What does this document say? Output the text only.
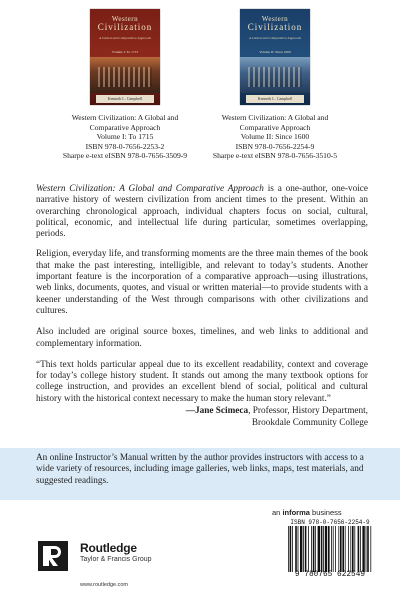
Western
Civilization
A Global and Comparative Approach
Volume I: To 1715
Kenneth L. Campbell
Western Civilization: A Global and
Comparative Approach
Volume I: To 1715
ISBN 978-0-7656-2253-2
Sharpe e-text eISBN 978-0-7656-3509-9
Western
Civilization
A Global and Comparative Approach
Volume II: Since 1600
Kenneth L. Campbell
Western Civilization: A Global and
Comparative Approach
Volume II: Since 1600
ISBN 978-0-7656-2254-9
Sharpe e-text eISBN 978-0-7656-3510-5

Western Civilization: A Global and Comparative Approach is a one-author, one-voice narrative history of western civilization from ancient times to the present. Within an overarching chronological approach, individual chapters focus on social, cultural, political, economic, and intellectual life during particular, sometimes overlapping, periods.

Religion, everyday life, and transforming moments are the three main themes of the book that make the past interesting, intelligible, and relevant to today’s students. Another important feature is the incorporation of a comparative approach—using illustrations, web links, documents, quotes, and visual or written material—to provide students with a keener understanding of the West through comparisons with other civilizations and cultures.

Also included are original source boxes, timelines, and web links to additional and complementary information.

“This text holds particular appeal due to its excellent readability, context and coverage for today’s college history student. It stands out among the many textbook options for college instruction, and provides an excellent blend of social, political and cultural history with the historical context necessary to make the human story relevant.”
—Jane Scimeca, Professor, History Department,
Brookdale Community College
An online Instructor’s Manual written by the author provides instructors with access to a wide variety of resources, including image galleries, web links, maps, test materials, and suggested readings.
an informa business
ISBN 978-0-7656-2254-9
9 780765 622549
Routledge
Taylor & Francis Group
www.routledge.com
